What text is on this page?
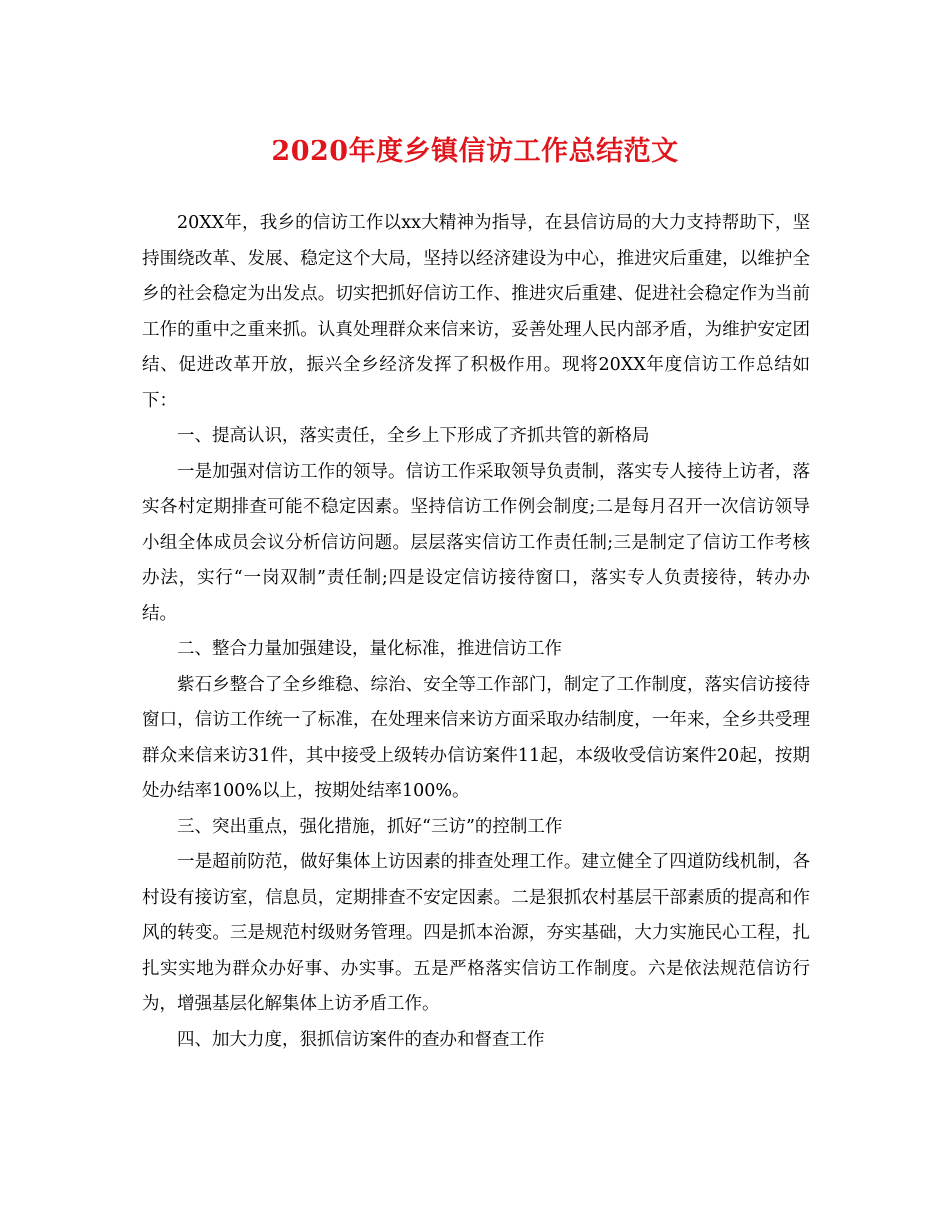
2020年度乡镇信访工作总结范文

20XX年，我乡的信访工作以xx大精神为指导，在县信访局的大力支持帮助下，坚持围绕改革、发展、稳定这个大局，坚持以经济建设为中心，推进灾后重建，以维护全乡的社会稳定为出发点。切实把抓好信访工作、推进灾后重建、促进社会稳定作为当前工作的重中之重来抓。认真处理群众来信来访，妥善处理人民内部矛盾，为维护安定团结、促进改革开放，振兴全乡经济发挥了积极作用。现将20XX年度信访工作总结如下：

一、提高认识，落实责任，全乡上下形成了齐抓共管的新格局

一是加强对信访工作的领导。信访工作采取领导负责制，落实专人接待上访者，落实各村定期排查可能不稳定因素。坚持信访工作例会制度;二是每月召开一次信访领导小组全体成员会议分析信访问题。层层落实信访工作责任制;三是制定了信访工作考核办法，实行“一岗双制”责任制;四是设定信访接待窗口，落实专人负责接待，转办办结。

二、整合力量加强建设，量化标准，推进信访工作

紫石乡整合了全乡维稳、综治、安全等工作部门，制定了工作制度，落实信访接待窗口，信访工作统一了标准，在处理来信来访方面采取办结制度，一年来，全乡共受理群众来信来访31件，其中接受上级转办信访案件11起，本级收受信访案件20起，按期处办结率100%以上，按期处结率100%。

三、突出重点，强化措施，抓好“三访”的控制工作

一是超前防范，做好集体上访因素的排查处理工作。建立健全了四道防线机制，各村设有接访室，信息员，定期排查不安定因素。二是狠抓农村基层干部素质的提高和作风的转变。三是规范村级财务管理。四是抓本治源，夯实基础，大力实施民心工程，扎扎实实地为群众办好事、办实事。五是严格落实信访工作制度。六是依法规范信访行为，增强基层化解集体上访矛盾工作。

四、加大力度，狠抓信访案件的查办和督查工作
